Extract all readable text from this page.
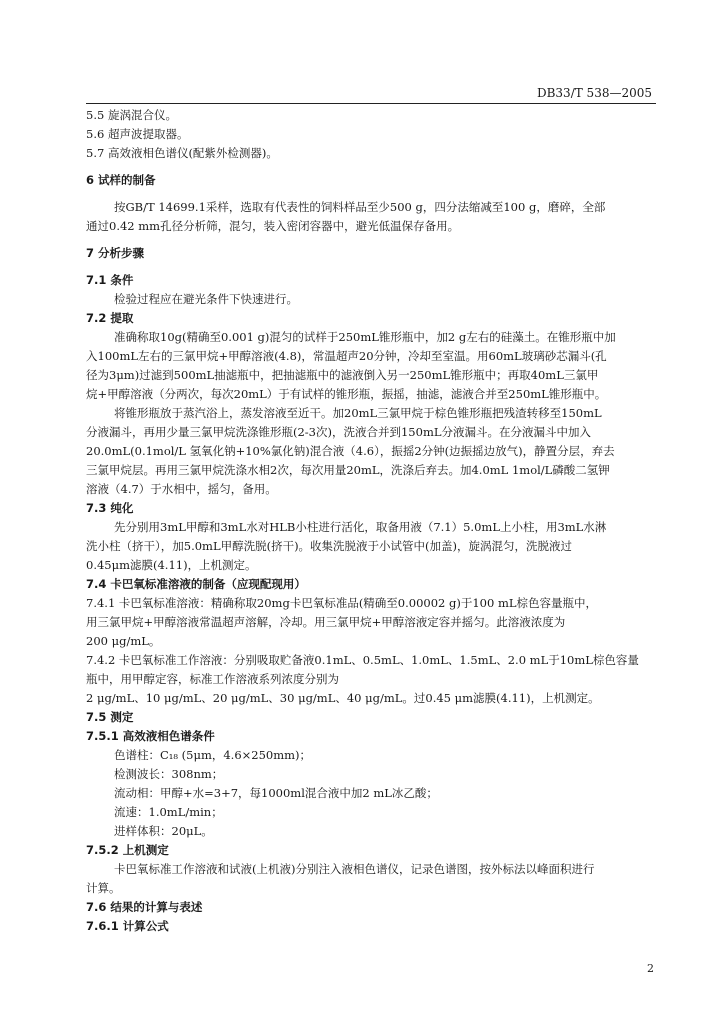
DB33/T 538—2005
5.5 旋涡混合仪。
5.6 超声波提取器。
5.7 高效液相色谱仪(配紫外检测器)。
6 试样的制备
按GB/T 14699.1采样，选取有代表性的饲料样品至少500 g，四分法缩减至100 g，磨碎，全部
通过0.42 mm孔径分析筛，混匀，装入密闭容器中，避光低温保存备用。
7 分析步骤
7.1 条件
检验过程应在避光条件下快速进行。
7.2 提取
准确称取10g(精确至0.001 g)混匀的试样于250mL锥形瓶中，加2 g左右的硅藻土。在锥形瓶中加
入100mL左右的三氯甲烷+甲醇溶液(4.8)，常温超声20分钟，冷却至室温。用60mL玻璃砂芯漏斗(孔
径为3μm)过滤到500mL抽滤瓶中，把抽滤瓶中的滤液倒入另一250mL锥形瓶中；再取40mL三氯甲
烷+甲醇溶液（分两次，每次20mL）于有试样的锥形瓶，振摇，抽滤，滤液合并至250mL锥形瓶中。
将锥形瓶放于蒸汽浴上，蒸发溶液至近干。加20mL三氯甲烷于棕色锥形瓶把残渣转移至150mL
分液漏斗，再用少量三氯甲烷洗涤锥形瓶(2-3次)，洗液合并到150mL分液漏斗。在分液漏斗中加入
20.0mL(0.1mol/L 氢氧化钠+10%氯化钠)混合液（4.6），振摇2分钟(边振摇边放气)，静置分层，弃去
三氯甲烷层。再用三氯甲烷洗涤水相2次，每次用量20mL，洗涤后弃去。加4.0mL 1mol/L磷酸二氢钾
溶液（4.7）于水相中，摇匀，备用。
7.3 纯化
先分别用3mL甲醇和3mL水对HLB小柱进行活化，取备用液（7.1）5.0mL上小柱，用3mL水淋
洗小柱（挤干），加5.0mL甲醇洗脱(挤干)。收集洗脱液于小试管中(加盖)，旋涡混匀，洗脱液过
0.45μm滤膜(4.11)，上机测定。
7.4 卡巴氧标准溶液的制备（应现配现用）
7.4.1 卡巴氧标准溶液：精确称取20mg卡巴氧标准品(精确至0.00002 g)于100 mL棕色容量瓶中，
用三氯甲烷+甲醇溶液常温超声溶解，冷却。用三氯甲烷+甲醇溶液定容并摇匀。此溶液浓度为
200 μg/mL。
7.4.2 卡巴氧标准工作溶液：分别吸取贮备液0.1mL、0.5mL、1.0mL、1.5mL、2.0 mL于10mL棕色容量
瓶中，用甲醇定容，标准工作溶液系列浓度分别为
2 μg/mL、10 μg/mL、20 μg/mL、30 μg/mL、40 μg/mL。过0.45 μm滤膜(4.11)，上机测定。
7.5 测定
7.5.1 高效液相色谱条件
色谱柱：C₁₈ (5μm，4.6×250mm)；
检测波长：308nm；
流动相：甲醇+水=3+7，每1000ml混合液中加2 mL冰乙酸；
流速：1.0mL/min；
进样体积：20μL。
7.5.2 上机测定
卡巴氧标准工作溶液和试液(上机液)分别注入液相色谱仪，记录色谱图，按外标法以峰面积进行
计算。
7.6 结果的计算与表述
7.6.1 计算公式
2
